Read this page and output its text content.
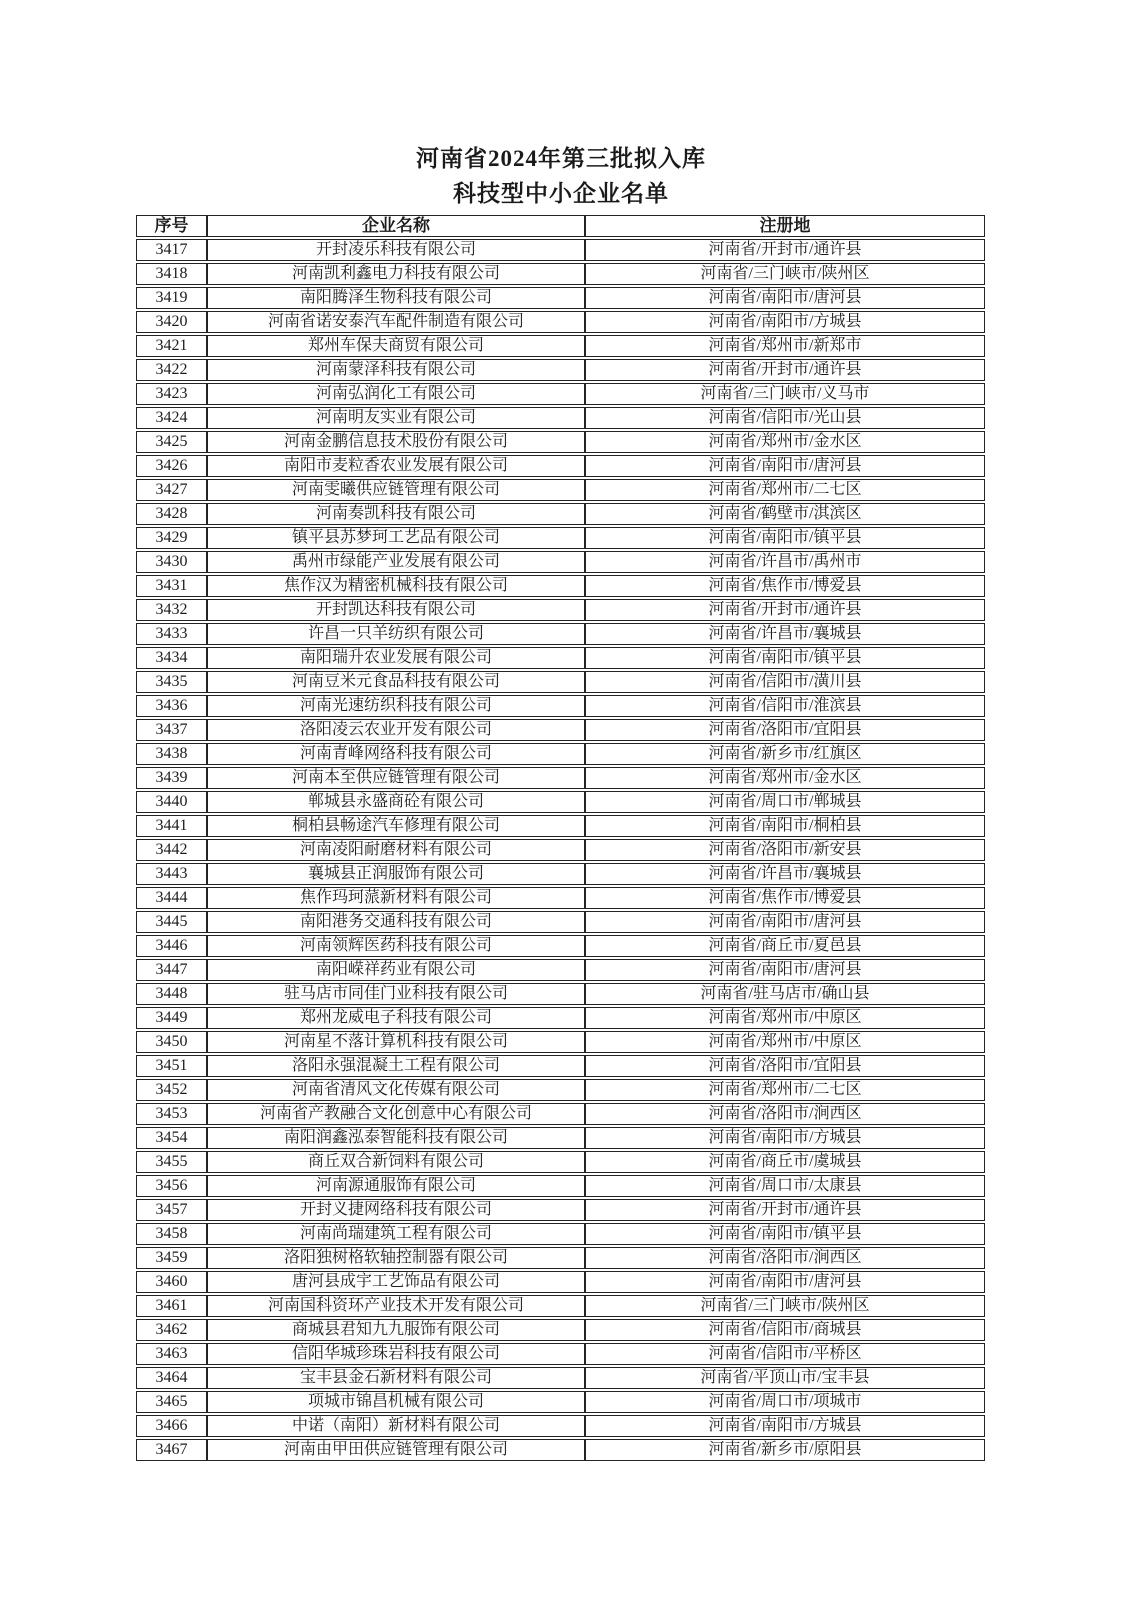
河南省2024年第三批拟入库
科技型中小企业名单
序号	企业名称	注册地
3417	开封凌乐科技有限公司	河南省/开封市/通许县
3418	河南凯利鑫电力科技有限公司	河南省/三门峡市/陕州区
3419	南阳腾泽生物科技有限公司	河南省/南阳市/唐河县
3420	河南省诺安泰汽车配件制造有限公司	河南省/南阳市/方城县
3421	郑州车保夫商贸有限公司	河南省/郑州市/新郑市
3422	河南蒙泽科技有限公司	河南省/开封市/通许县
3423	河南弘润化工有限公司	河南省/三门峡市/义马市
3424	河南明友实业有限公司	河南省/信阳市/光山县
3425	河南金鹏信息技术股份有限公司	河南省/郑州市/金水区
3426	南阳市麦粒香农业发展有限公司	河南省/南阳市/唐河县
3427	河南雯曦供应链管理有限公司	河南省/郑州市/二七区
3428	河南奏凯科技有限公司	河南省/鹤壁市/淇滨区
3429	镇平县苏梦珂工艺品有限公司	河南省/南阳市/镇平县
3430	禹州市绿能产业发展有限公司	河南省/许昌市/禹州市
3431	焦作汉为精密机械科技有限公司	河南省/焦作市/博爱县
3432	开封凯达科技有限公司	河南省/开封市/通许县
3433	许昌一只羊纺织有限公司	河南省/许昌市/襄城县
3434	南阳瑞升农业发展有限公司	河南省/南阳市/镇平县
3435	河南豆米元食品科技有限公司	河南省/信阳市/潢川县
3436	河南光速纺织科技有限公司	河南省/信阳市/淮滨县
3437	洛阳凌云农业开发有限公司	河南省/洛阳市/宜阳县
3438	河南青峰网络科技有限公司	河南省/新乡市/红旗区
3439	河南本至供应链管理有限公司	河南省/郑州市/金水区
3440	郸城县永盛商砼有限公司	河南省/周口市/郸城县
3441	桐柏县畅途汽车修理有限公司	河南省/南阳市/桐柏县
3442	河南凌阳耐磨材料有限公司	河南省/洛阳市/新安县
3443	襄城县正润服饰有限公司	河南省/许昌市/襄城县
3444	焦作玛珂蒎新材料有限公司	河南省/焦作市/博爱县
3445	南阳港务交通科技有限公司	河南省/南阳市/唐河县
3446	河南领辉医药科技有限公司	河南省/商丘市/夏邑县
3447	南阳嵘祥药业有限公司	河南省/南阳市/唐河县
3448	驻马店市同佳门业科技有限公司	河南省/驻马店市/确山县
3449	郑州龙威电子科技有限公司	河南省/郑州市/中原区
3450	河南星不落计算机科技有限公司	河南省/郑州市/中原区
3451	洛阳永强混凝土工程有限公司	河南省/洛阳市/宜阳县
3452	河南省清风文化传媒有限公司	河南省/郑州市/二七区
3453	河南省产教融合文化创意中心有限公司	河南省/洛阳市/涧西区
3454	南阳润鑫泓泰智能科技有限公司	河南省/南阳市/方城县
3455	商丘双合新饲料有限公司	河南省/商丘市/虞城县
3456	河南源通服饰有限公司	河南省/周口市/太康县
3457	开封义捷网络科技有限公司	河南省/开封市/通许县
3458	河南尚瑞建筑工程有限公司	河南省/南阳市/镇平县
3459	洛阳独树格软轴控制器有限公司	河南省/洛阳市/涧西区
3460	唐河县成宇工艺饰品有限公司	河南省/南阳市/唐河县
3461	河南国科资环产业技术开发有限公司	河南省/三门峡市/陕州区
3462	商城县君知九九服饰有限公司	河南省/信阳市/商城县
3463	信阳华城珍珠岩科技有限公司	河南省/信阳市/平桥区
3464	宝丰县金石新材料有限公司	河南省/平顶山市/宝丰县
3465	项城市锦昌机械有限公司	河南省/周口市/项城市
3466	中诺（南阳）新材料有限公司	河南省/南阳市/方城县
3467	河南由甲田供应链管理有限公司	河南省/新乡市/原阳县
